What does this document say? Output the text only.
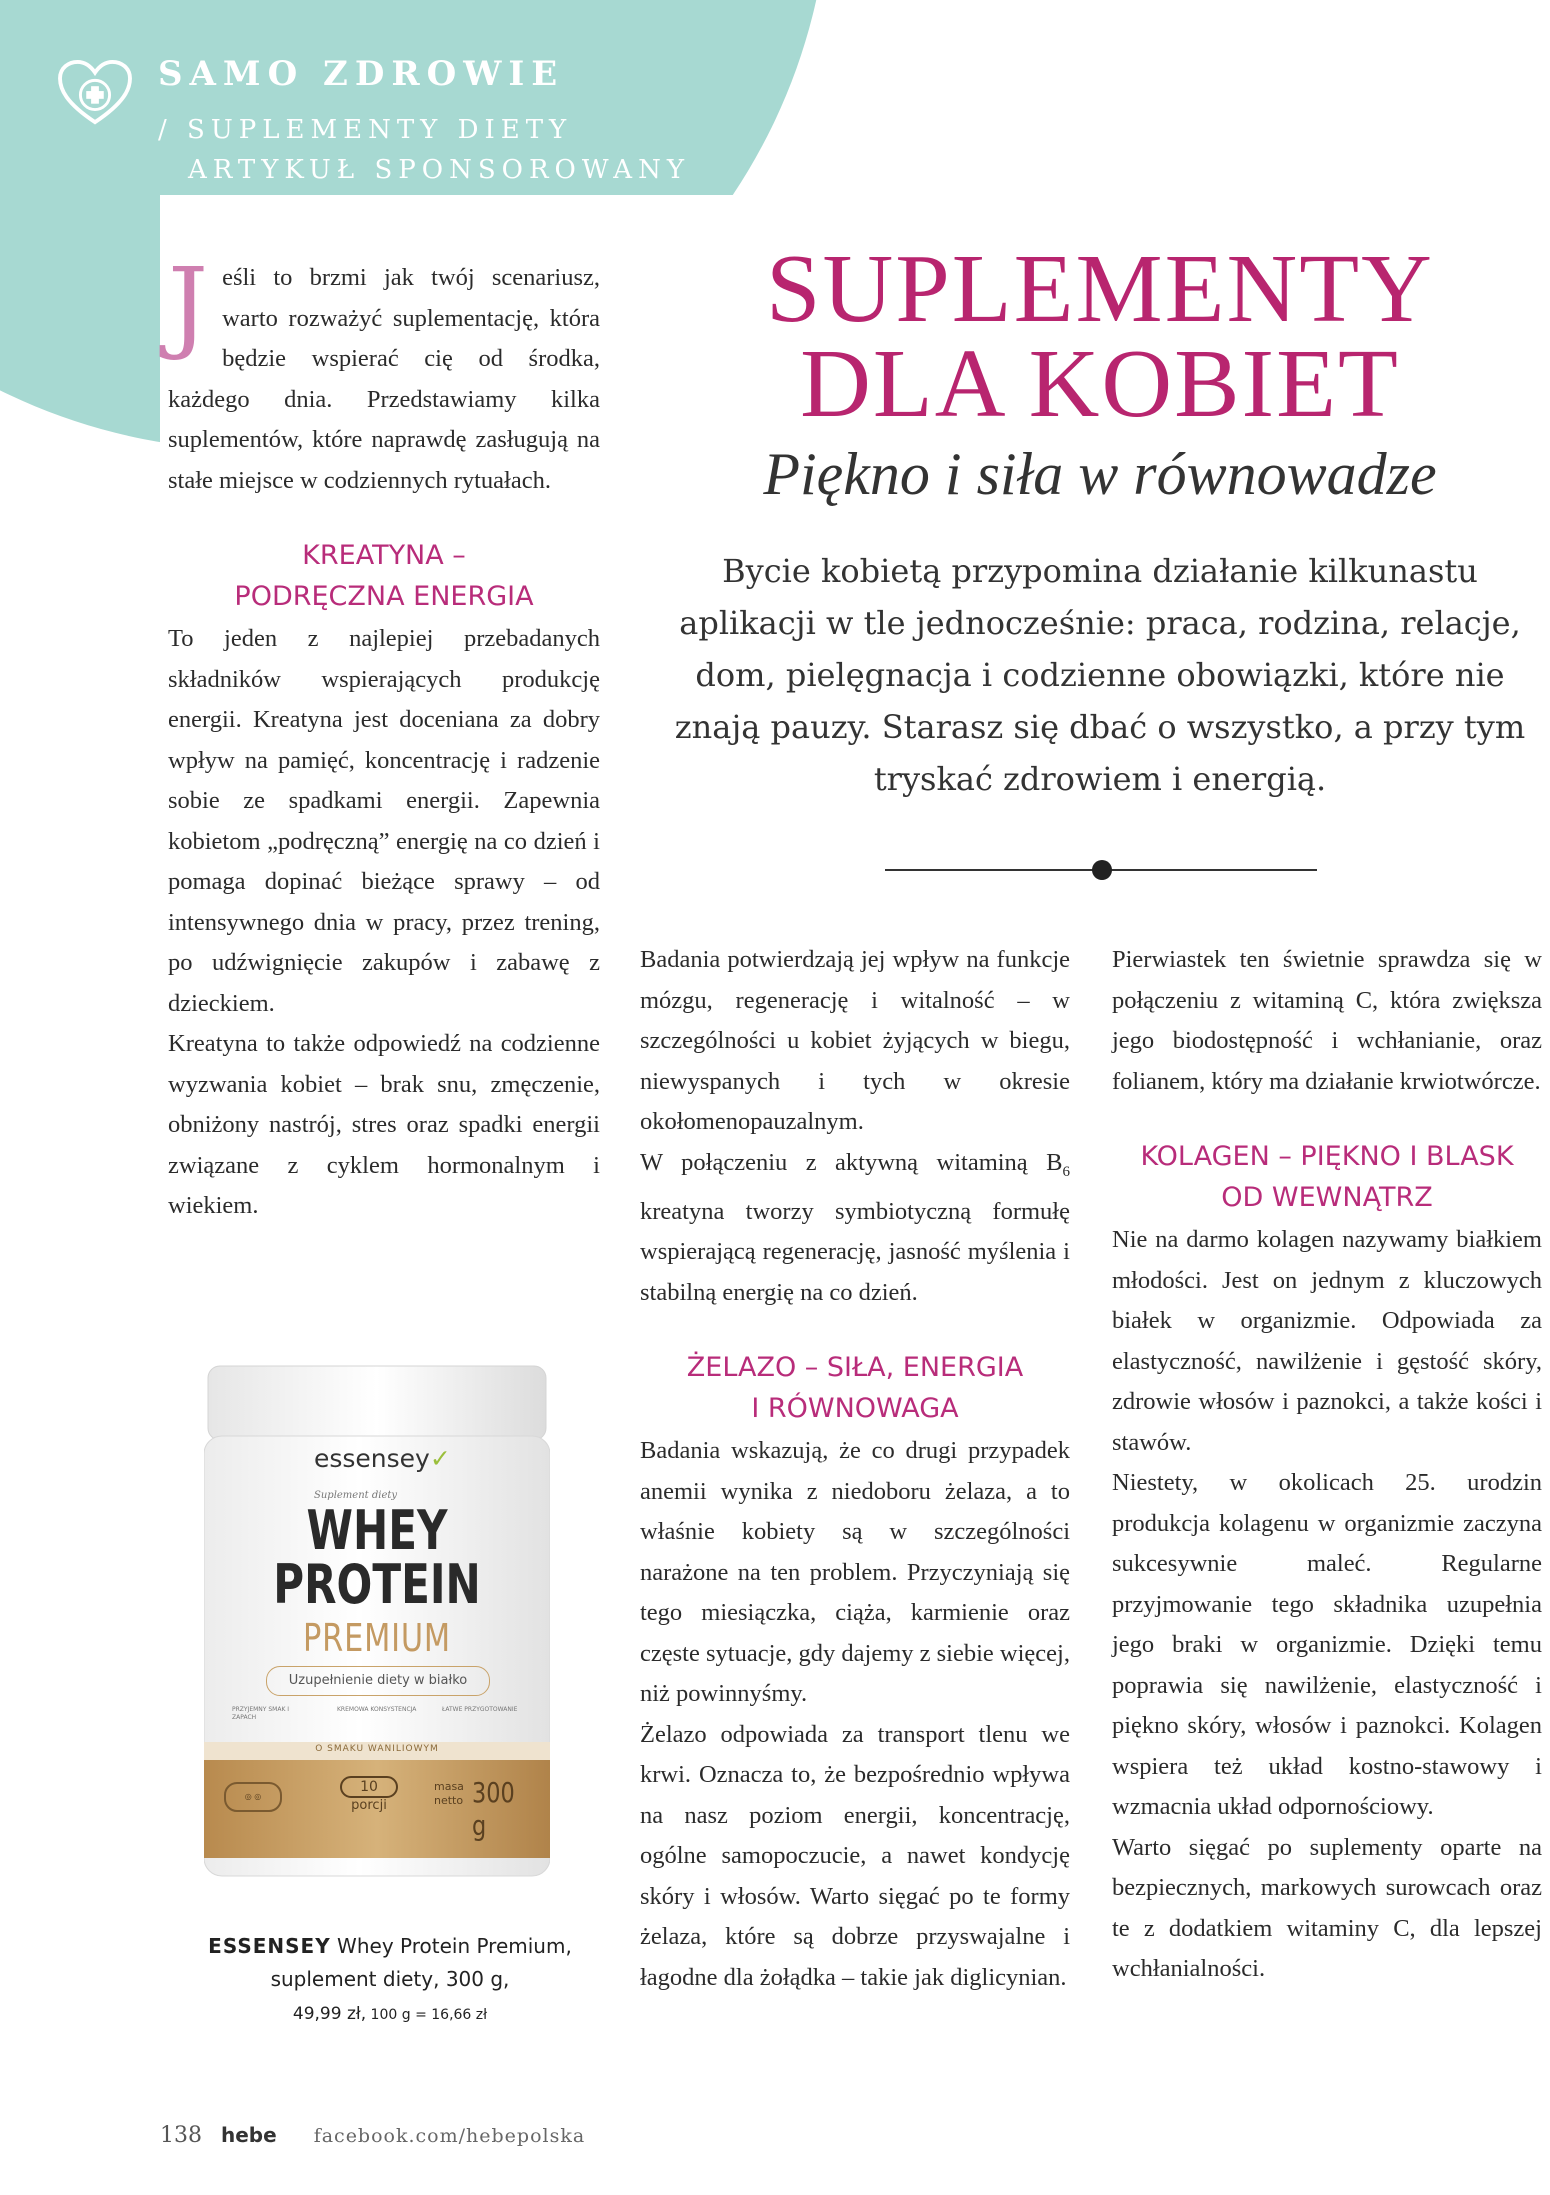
SAMO ZDROWIE
/ SUPLEMENTY DIETY
ARTYKUŁ SPONSOROWANY
Jeśli to brzmi jak twój scenariusz, warto rozważyć suplementację, która będzie wspierać cię od środka, każdego dnia. Przedstawiamy kilka suplementów, które naprawdę zasługują na stałe miejsce w codziennych rytuałach.
KREATYNA –
PODRĘCZNA ENERGIA
To jeden z najlepiej przebadanych składników wspierających produkcję energii. Kreatyna jest doceniana za dobry wpływ na pamięć, koncentrację i radzenie sobie ze spadkami energii. Zapewnia kobietom „podręczną” energię na co dzień i pomaga dopinać bieżące sprawy – od intensywnego dnia w pracy, przez trening, po udźwignięcie zakupów i zabawę z dzieckiem.
Kreatyna to także odpowiedź na codzienne wyzwania kobiet – brak snu, zmęczenie, obniżony nastrój, stres oraz spadki energii związane z cyklem hormonalnym i wiekiem.
SUPLEMENTY
DLA KOBIET
Piękno i siła w równowadze
Bycie kobietą przypomina działanie kilkunastu aplikacji w tle jednocześnie: praca, rodzina, relacje, dom, pielęgnacja i codzienne obowiązki, które nie znają pauzy. Starasz się dbać o wszystko, a przy tym tryskać zdrowiem i energią.
Badania potwierdzają jej wpływ na funkcje mózgu, regenerację i witalność – w szczególności u kobiet żyjących w biegu, niewyspanych i tych w okresie okołomenopauzalnym.
W połączeniu z aktywną witaminą $B_6$ kreatyna tworzy symbiotyczną formułę wspierającą regenerację, jasność myślenia i stabilną energię na co dzień.
ŻELAZO – SIŁA, ENERGIA
I RÓWNOWAGA
Badania wskazują, że co drugi przypadek anemii wynika z niedoboru żelaza, a to właśnie kobiety są w szczególności narażone na ten problem. Przyczyniają się tego miesiączka, ciąża, karmienie oraz częste sytuacje, gdy dajemy z siebie więcej, niż powinnyśmy.
Żelazo odpowiada za transport tlenu we krwi. Oznacza to, że bezpośrednio wpływa na nasz poziom energii, koncentrację, ogólne samopoczucie, a nawet kondycję skóry i włosów. Warto sięgać po te formy żelaza, które są dobrze przyswajalne i łagodne dla żołądka – takie jak diglicynian.
Pierwiastek ten świetnie sprawdza się w połączeniu z witaminą C, która zwiększa jego biodostępność i wchłanianie, oraz folianem, który ma działanie krwiotwórcze.
KOLAGEN – PIĘKNO I BLASK
OD WEWNĄTRZ
Nie na darmo kolagen nazywamy białkiem młodości. Jest on jednym z kluczowych białek w organizmie. Odpowiada za elastyczność, nawilżenie i gęstość skóry, zdrowie włosów i paznokci, a także kości i stawów.
Niestety, w okolicach 25. urodzin produkcja kolagenu w organizmie zaczyna sukcesywnie maleć. Regularne przyjmowanie tego składnika uzupełnia jego braki w organizmie. Dzięki temu poprawia się nawilżenie, elastyczność i piękno skóry, włosów i paznokci. Kolagen wspiera też układ kostno-stawowy i wzmacnia układ odpornościowy.
Warto sięgać po suplementy oparte na bezpiecznych, markowych surowcach oraz te z dodatkiem witaminy C, dla lepszej wchłanialności.
essensey✓
Suplement diety
WHEY
PROTEIN
PREMIUM
Uzupełnienie diety w białko
PRZYJEMNY SMAK I ZAPACH
KREMOWA KONSYSTENCJA	ŁATWE PRZYGOTOWANIE
O SMAKU WANILIOWYM
◎ ◎
10
porcji
masa
netto 300 g
ESSENSEY Whey Protein Premium,
suplement diety, 300 g,
49,99 zł, 100 g = 16,66 zł
138 hebe facebook.com/hebepolska
